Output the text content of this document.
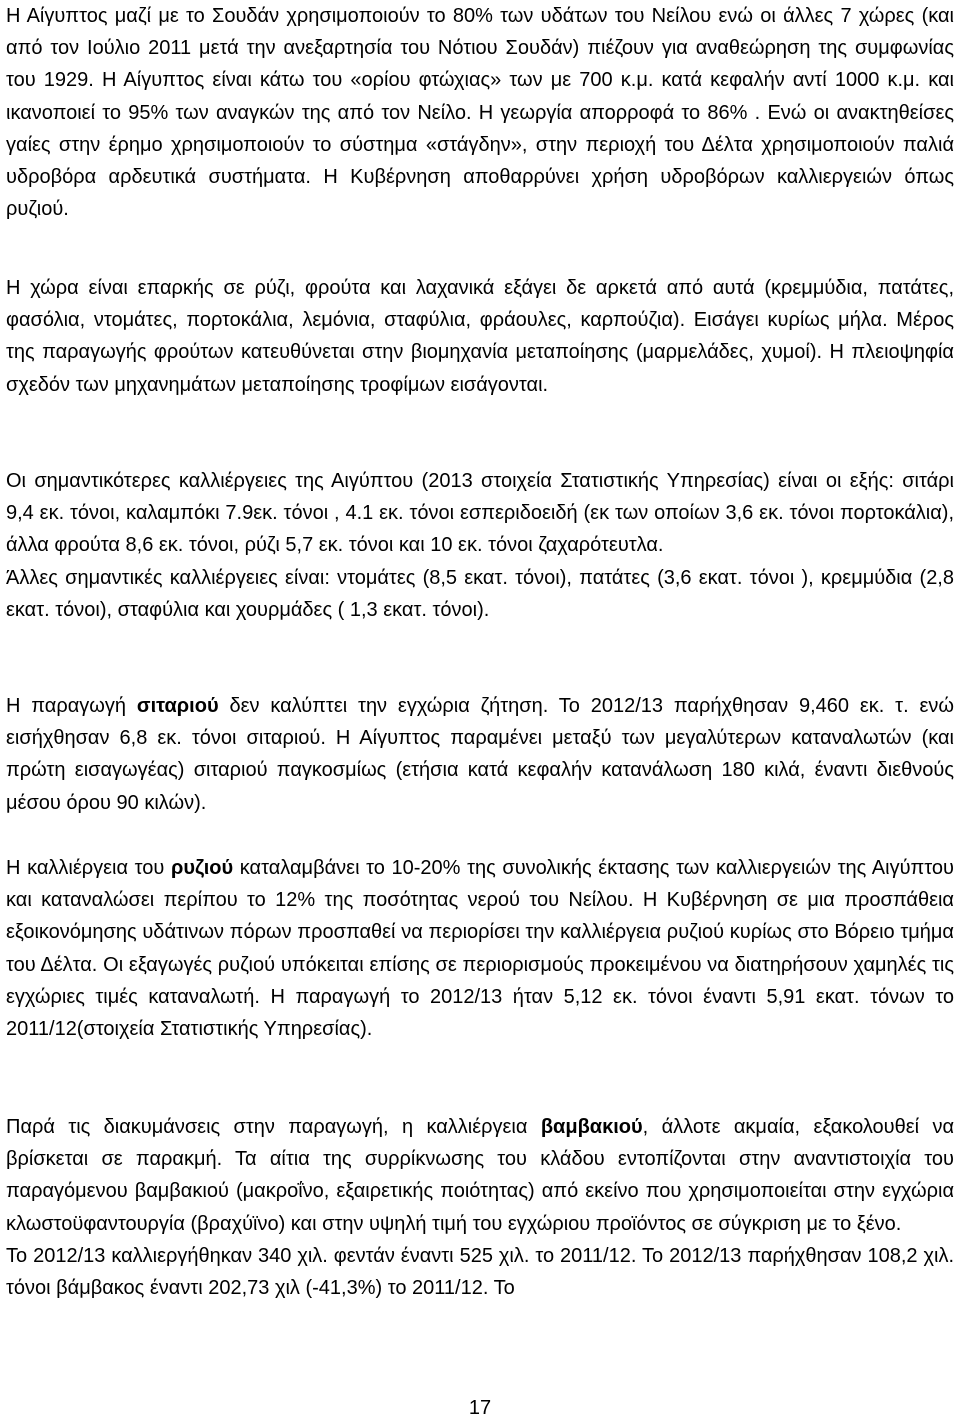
Η Αίγυπτος μαζί με το Σουδάν χρησιμοποιούν το 80% των υδάτων του Νείλου ενώ οι άλλες 7 χώρες (και από τον Ιούλιο 2011 μετά την ανεξαρτησία του Νότιου Σουδάν) πιέζουν για αναθεώρηση της συμφωνίας του 1929. Η Αίγυπτος είναι κάτω του «ορίου φτώχιας» των με 700 κ.μ. κατά κεφαλήν αντί 1000 κ.μ. και ικανοποιεί το 95% των αναγκών της από τον Νείλο. Η γεωργία απορροφά το 86% . Ενώ οι ανακτηθείσες γαίες στην έρημο χρησιμοποιούν το σύστημα «στάγδην», στην περιοχή του Δέλτα χρησιμοποιούν παλιά υδροβόρα αρδευτικά συστήματα. Η Κυβέρνηση αποθαρρύνει χρήση υδροβόρων καλλιεργειών όπως ρυζιού.

Η χώρα είναι επαρκής σε ρύζι, φρούτα και λαχανικά εξάγει δε αρκετά από αυτά (κρεμμύδια, πατάτες, φασόλια, ντομάτες, πορτοκάλια, λεμόνια, σταφύλια, φράουλες, καρπούζια). Εισάγει κυρίως μήλα. Μέρος της παραγωγής φρούτων κατευθύνεται στην βιομηχανία μεταποίησης (μαρμελάδες, χυμοί). Η πλειοψηφία σχεδόν των μηχανημάτων μεταποίησης τροφίμων εισάγονται.

Οι σημαντικότερες καλλιέργειες της Αιγύπτου (2013 στοιχεία Στατιστικής Υπηρεσίας) είναι οι εξής: σιτάρι 9,4 εκ. τόνοι, καλαμπόκι 7.9εκ. τόνοι , 4.1 εκ. τόνοι εσπεριδοειδή (εκ των οποίων 3,6 εκ. τόνοι πορτοκάλια), άλλα φρούτα 8,6 εκ. τόνοι, ρύζι 5,7 εκ. τόνοι και 10 εκ. τόνοι ζαχαρότευτλα.

Άλλες σημαντικές καλλιέργειες είναι: ντομάτες (8,5 εκατ. τόνοι), πατάτες (3,6 εκατ. τόνοι ), κρεμμύδια (2,8 εκατ. τόνοι), σταφύλια και χουρμάδες ( 1,3 εκατ. τόνοι).

Η παραγωγή σιταριού δεν καλύπτει την εγχώρια ζήτηση. Το 2012/13 παρήχθησαν 9,460 εκ. τ. ενώ εισήχθησαν 6,8 εκ. τόνοι σιταριού. Η Αίγυπτος παραμένει μεταξύ των μεγαλύτερων καταναλωτών (και πρώτη εισαγωγέας) σιταριού παγκοσμίως (ετήσια κατά κεφαλήν κατανάλωση 180 κιλά, έναντι διεθνούς μέσου όρου 90 κιλών).

Η καλλιέργεια του ρυζιού καταλαμβάνει το 10-20% της συνολικής έκτασης των καλλιεργειών της Αιγύπτου και καταναλώσει περίπου το 12% της ποσότητας νερού του Νείλου. Η Κυβέρνηση σε μια προσπάθεια εξοικονόμησης υδάτινων πόρων προσπαθεί να περιορίσει την καλλιέργεια ρυζιού κυρίως στο Βόρειο τμήμα του Δέλτα. Οι εξαγωγές ρυζιού υπόκειται επίσης σε περιορισμούς προκειμένου να διατηρήσουν χαμηλές τις εγχώριες τιμές καταναλωτή. Η παραγωγή το 2012/13 ήταν 5,12 εκ. τόνοι έναντι 5,91 εκατ. τόνων το 2011/12(στοιχεία Στατιστικής Υπηρεσίας).

Παρά τις διακυμάνσεις στην παραγωγή, η καλλιέργεια βαμβακιού, άλλοτε ακμαία, εξακολουθεί να βρίσκεται σε παρακμή. Τα αίτια της συρρίκνωσης του κλάδου εντοπίζονται στην αναντιστοιχία του παραγόμενου βαμβακιού (μακροΐνο, εξαιρετικής ποιότητας) από εκείνο που χρησιμοποιείται στην εγχώρια κλωστοϋφαντουργία (βραχύϊνο) και στην υψηλή τιμή του εγχώριου προϊόντος σε σύγκριση με το ξένο.

Το 2012/13 καλλιεργήθηκαν 340 χιλ. φεντάν έναντι 525 χιλ. το 2011/12. Το 2012/13 παρήχθησαν 108,2 χιλ. τόνοι βάμβακος έναντι 202,73 χιλ (-41,3%) το 2011/12. Το

17
